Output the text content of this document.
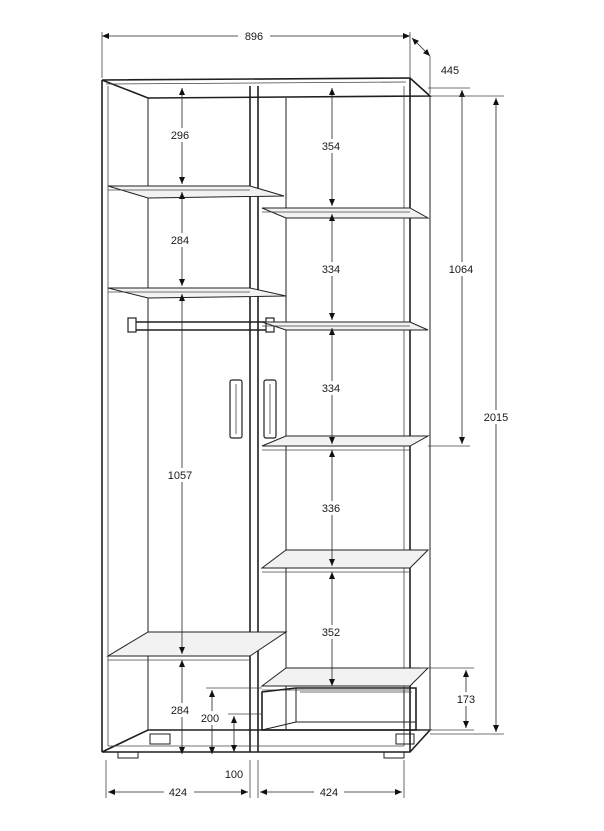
896
445
1064
2015
173
296
284
1057
284
200
100
354
334
334
336
352
424	424
